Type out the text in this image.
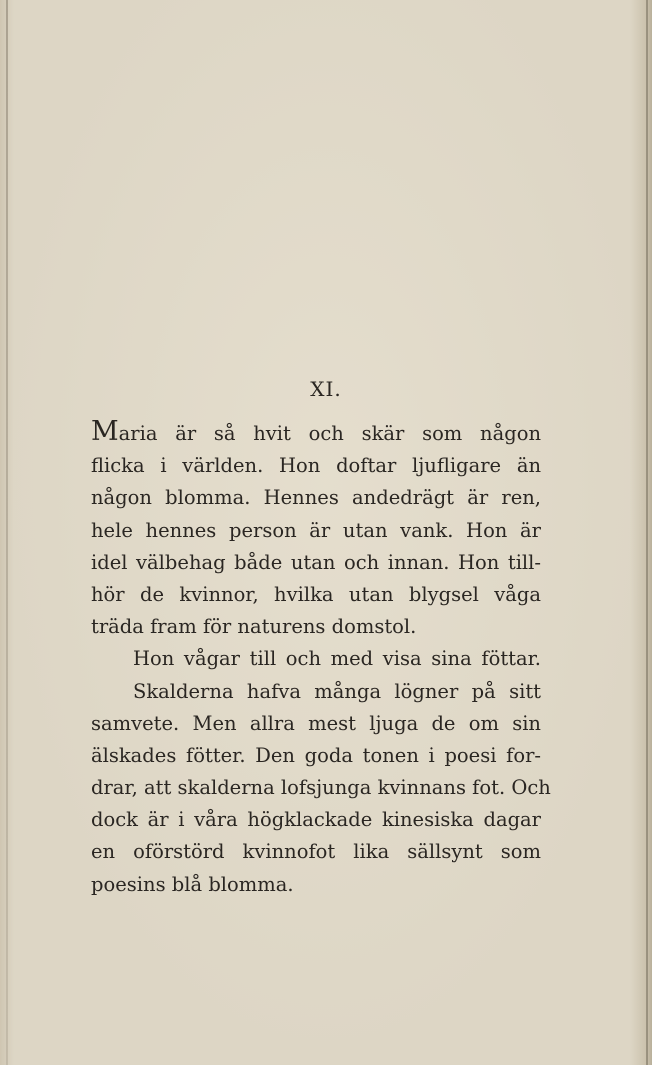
XI.
Maria är så hvit och skär som någon
flicka i världen. Hon doftar ljufligare än
någon blomma. Hennes andedrägt är ren,
hele hennes person är utan vank. Hon är
idel välbehag både utan och innan. Hon till-
hör de kvinnor, hvilka utan blygsel våga
träda fram för naturens domstol.
Hon vågar till och med visa sina föttar.
Skalderna hafva många lögner på sitt
samvete. Men allra mest ljuga de om sin
älskades fötter. Den goda tonen i poesi for-
drar, att skalderna lofsjunga kvinnans fot. Och
dock är i våra högklackade kinesiska dagar
en oförstörd kvinnofot lika sällsynt som
poesins blå blomma.
